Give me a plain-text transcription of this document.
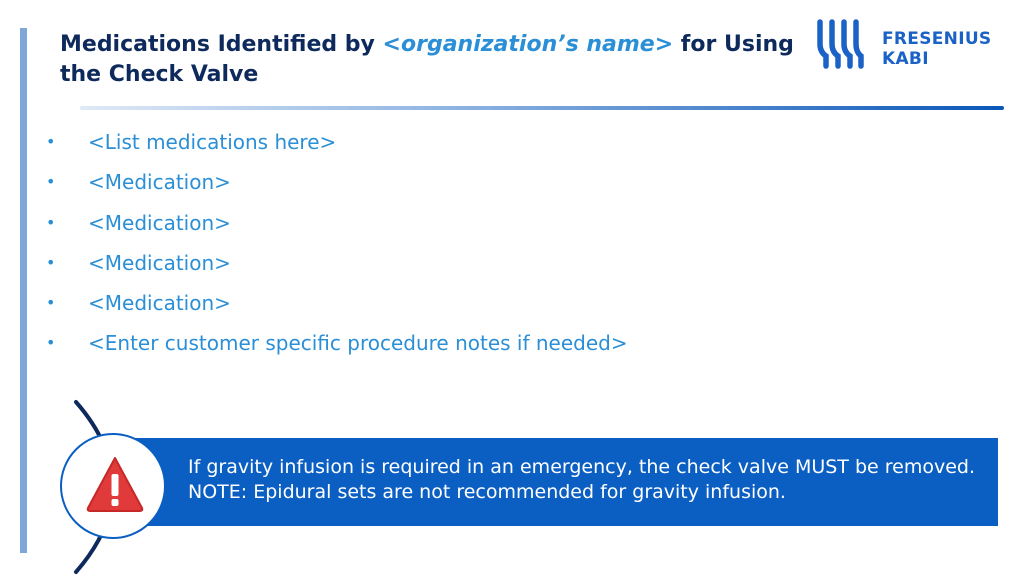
Medications Identified by <organization’s name> for Using the Check Valve
FRESENIUS
KABI
• <List medications here>
• <Medication>
• <Medication>
• <Medication>
• <Medication>
• <Enter customer specific procedure notes if needed>
If gravity infusion is required in an emergency, the check valve MUST be removed. NOTE: Epidural sets are not recommended for gravity infusion.
